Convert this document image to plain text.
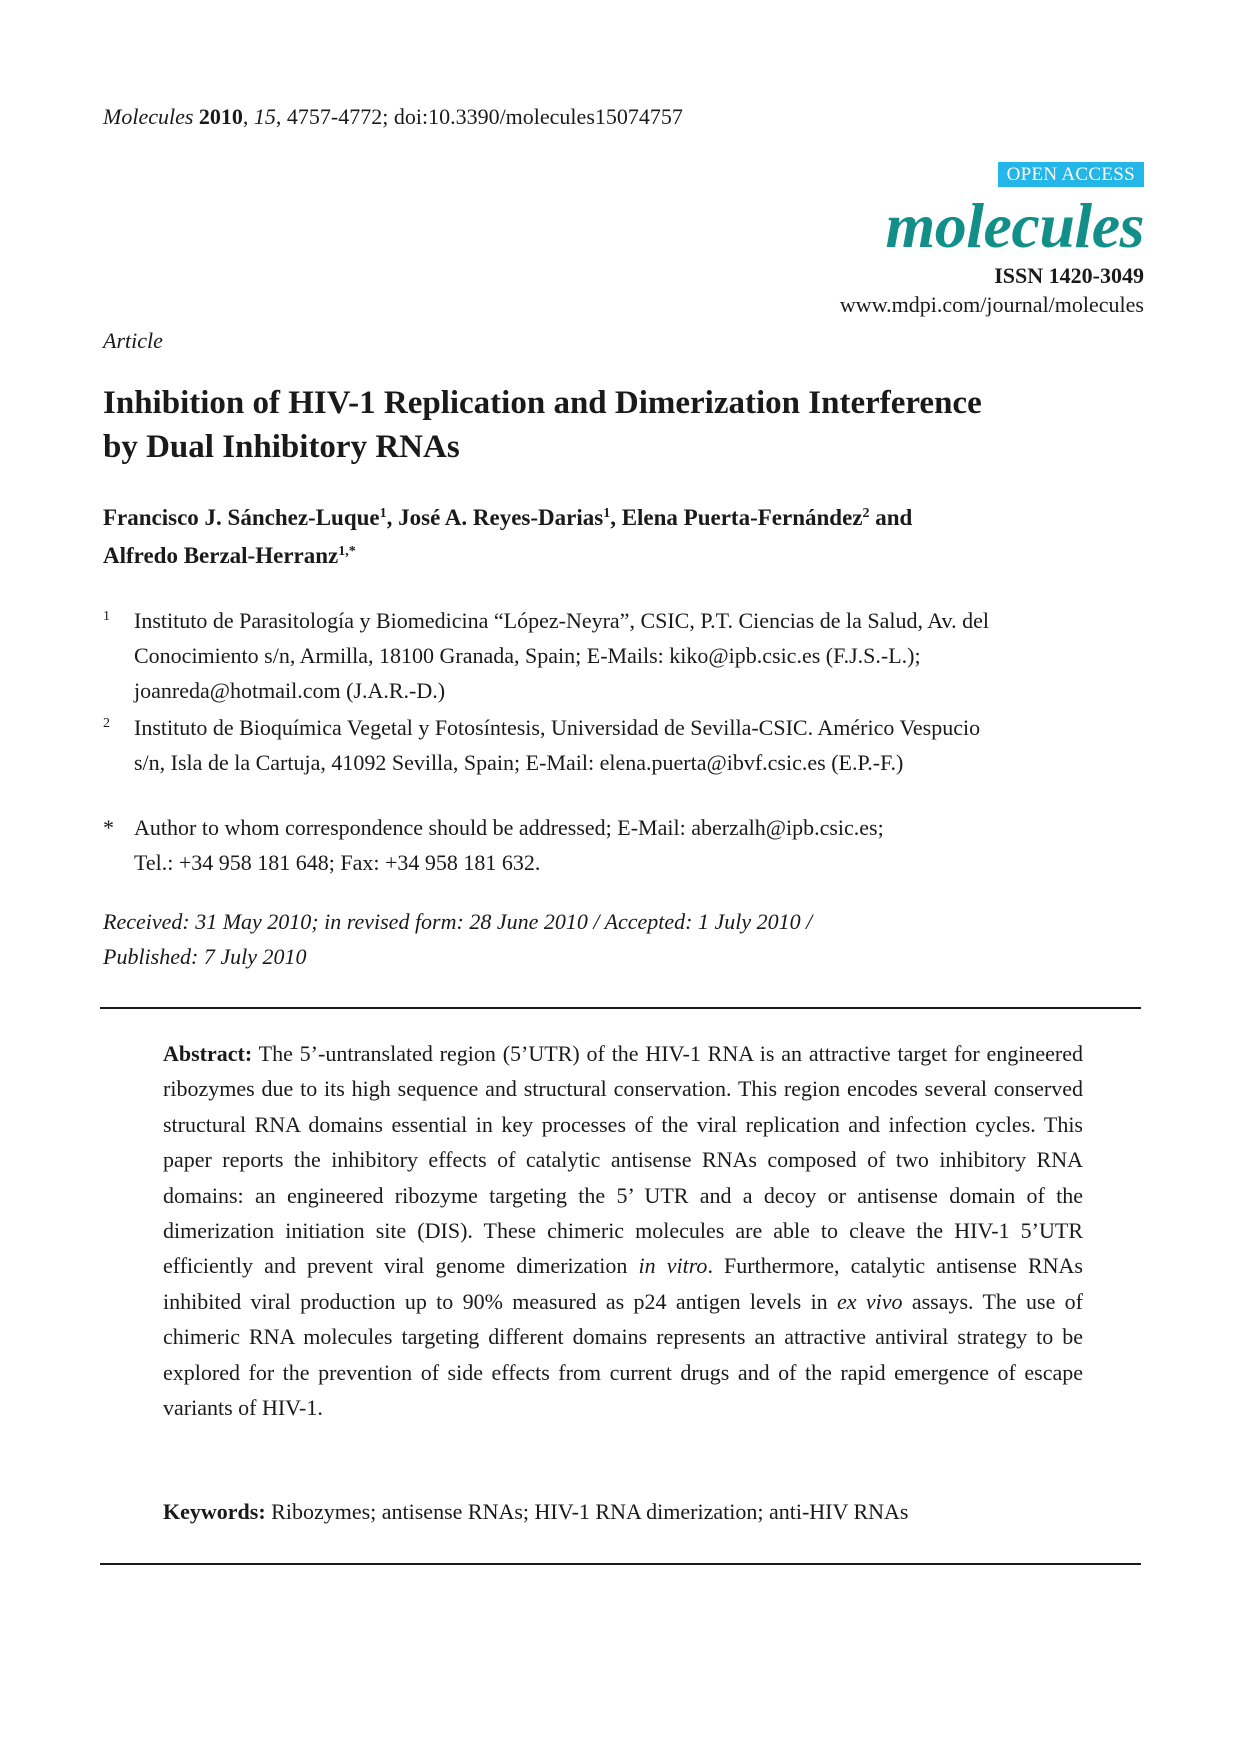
Molecules 2010, 15, 4757-4772; doi:10.3390/molecules15074757
OPEN ACCESS
molecules
ISSN 1420-3049
www.mdpi.com/journal/molecules
Article
Inhibition of HIV-1 Replication and Dimerization Interference
by Dual Inhibitory RNAs
Francisco J. Sánchez-Luque$^1$, José A. Reyes-Darias$^1$, Elena Puerta-Fernández$^2$ and
Alfredo Berzal-Herranz$^{1,*}$
1 Instituto de Parasitología y Biomedicina “López-Neyra”, CSIC, P.T. Ciencias de la Salud, Av. del
Conocimiento s/n, Armilla, 18100 Granada, Spain; E-Mails: kiko@ipb.csic.es (F.J.S.-L.);
joanreda@hotmail.com (J.A.R.-D.)
2 Instituto de Bioquímica Vegetal y Fotosíntesis, Universidad de Sevilla-CSIC. Américo Vespucio
s/n, Isla de la Cartuja, 41092 Sevilla, Spain; E-Mail: elena.puerta@ibvf.csic.es (E.P.-F.)
* Author to whom correspondence should be addressed; E-Mail: aberzalh@ipb.csic.es;
Tel.: +34 958 181 648; Fax: +34 958 181 632.
Received: 31 May 2010; in revised form: 28 June 2010 / Accepted: 1 July 2010 /
Published: 7 July 2010
Abstract: The 5’-untranslated region (5’UTR) of the HIV-1 RNA is an attractive target for engineered ribozymes due to its high sequence and structural conservation. This region encodes several conserved structural RNA domains essential in key processes of the viral replication and infection cycles. This paper reports the inhibitory effects of catalytic antisense RNAs composed of two inhibitory RNA domains: an engineered ribozyme targeting the 5’ UTR and a decoy or antisense domain of the dimerization initiation site (DIS). These chimeric molecules are able to cleave the HIV-1 5’UTR efficiently and prevent viral genome dimerization in vitro. Furthermore, catalytic antisense RNAs inhibited viral production up to 90% measured as p24 antigen levels in ex vivo assays. The use of chimeric RNA molecules targeting different domains represents an attractive antiviral strategy to be explored for the prevention of side effects from current drugs and of the rapid emergence of escape variants of HIV-1.
Keywords: Ribozymes; antisense RNAs; HIV-1 RNA dimerization; anti-HIV RNAs
